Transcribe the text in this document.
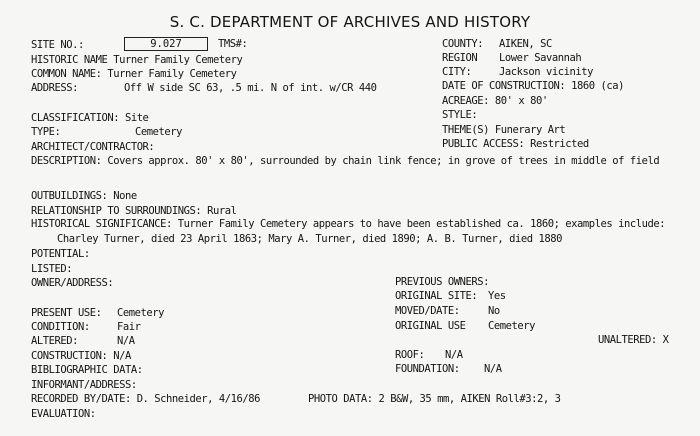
S. C. DEPARTMENT OF ARCHIVES AND HISTORY
SITE NO.:	9.027	TMS#:
HISTORIC NAME Turner Family Cemetery
COMMON NAME: Turner Family Cemetery
ADDRESS:	Off W side SC 63, .5 mi. N of int. w/CR 440
CLASSIFICATION: Site
TYPE:	Cemetery
ARCHITECT/CONTRACTOR:
DESCRIPTION: Covers approx. 80' x 80', surrounded by chain link fence; in grove of trees in middle of field
OUTBUILDINGS: None
RELATIONSHIP TO SURROUNDINGS: Rural
HISTORICAL SIGNIFICANCE: Turner Family Cemetery appears to have been established ca. 1860; examples include:
Charley Turner, died 23 April 1863; Mary A. Turner, died 1890; A. B. Turner, died 1880
POTENTIAL:
LISTED:
OWNER/ADDRESS:
PRESENT USE: Cemetery
CONDITION:	Fair
ALTERED:	N/A
CONSTRUCTION: N/A
BIBLIOGRAPHIC DATA:
INFORMANT/ADDRESS:
RECORDED BY/DATE: D. Schneider, 4/16/86
EVALUATION:
COUNTY: AIKEN, SC
REGION Lower Savannah
CITY:	Jackson vicinity
DATE OF CONSTRUCTION: 1860 (ca)
ACREAGE: 80' x 80'
STYLE:
THEME(S) Funerary Art
PUBLIC ACCESS: Restricted
PREVIOUS OWNERS:
ORIGINAL SITE: Yes
MOVED/DATE:	No
ORIGINAL USE Cemetery
UNALTERED: X
ROOF: N/A
FOUNDATION: N/A
PHOTO DATA: 2 B&W, 35 mm, AIKEN Roll#3:2, 3
